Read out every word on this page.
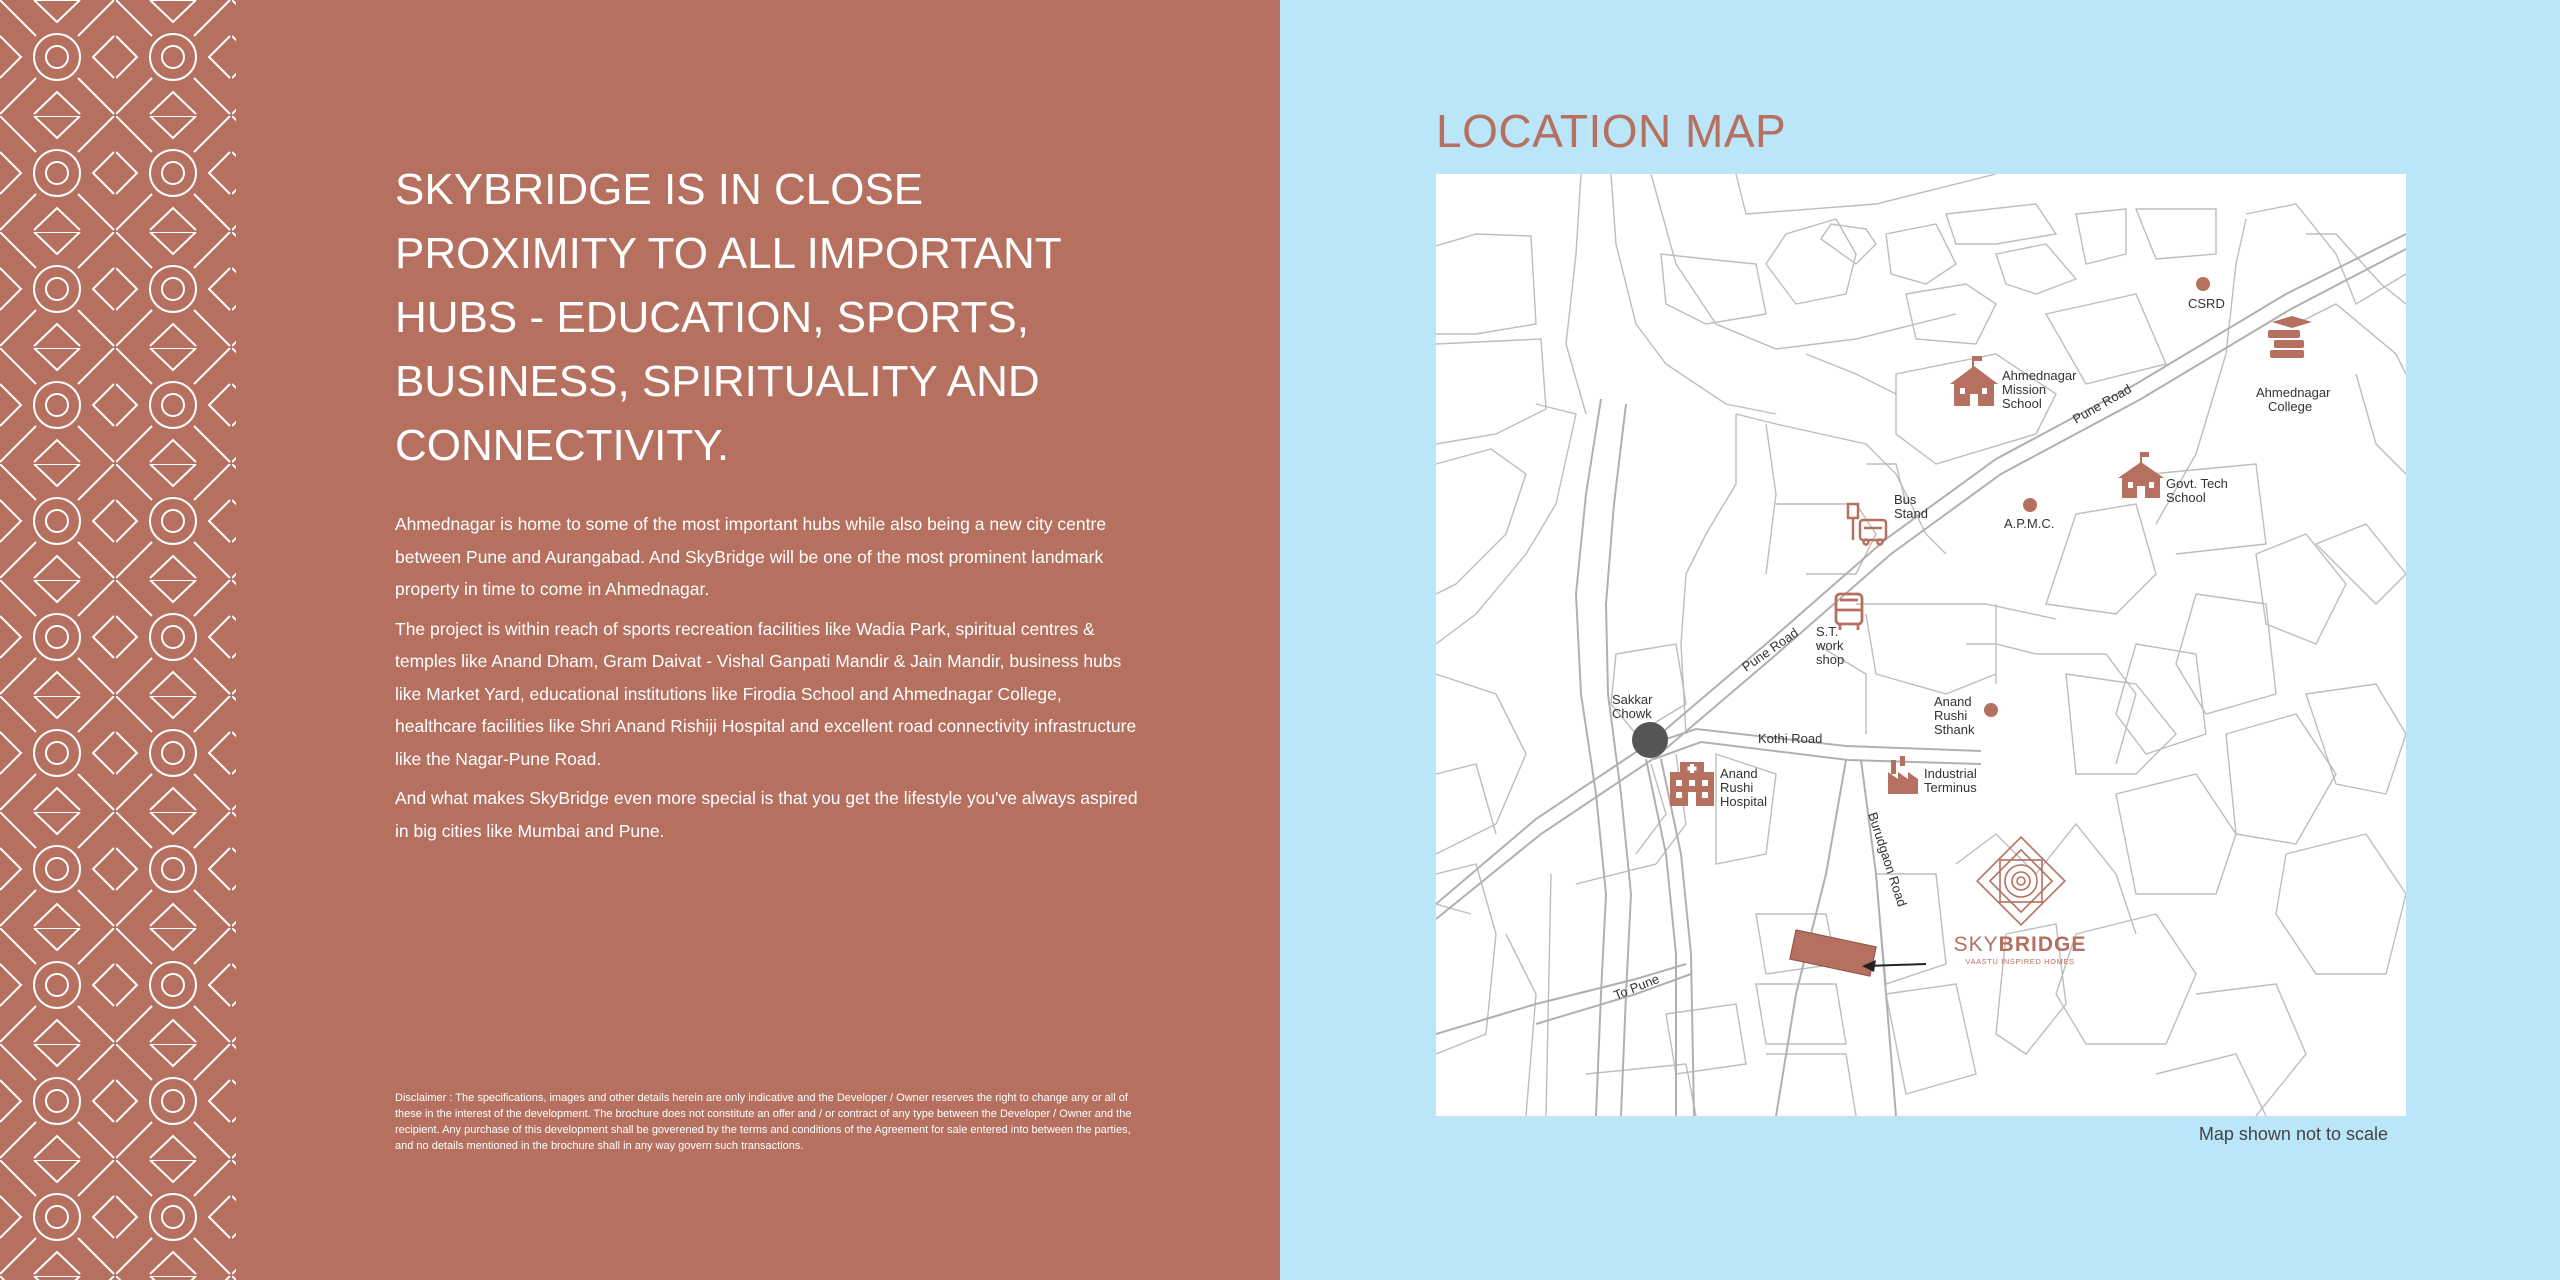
SKYBRIDGE IS IN CLOSE
PROXIMITY TO ALL IMPORTANT
HUBS - EDUCATION, SPORTS,
BUSINESS, SPIRITUALITY AND
CONNECTIVITY.

Ahmednagar is home to some of the most important hubs while also being a new city centre between Pune and Aurangabad. And SkyBridge will be one of the most prominent landmark property in time to come in Ahmednagar.

The project is within reach of sports recreation facilities like Wadia Park, spiritual centres & temples like Anand Dham, Gram Daivat - Vishal Ganpati Mandir & Jain Mandir, business hubs like Market Yard, educational institutions like Firodia School and Ahmednagar College, healthcare facilities like Shri Anand Rishiji Hospital and excellent road connectivity infrastructure like the Nagar-Pune Road.

And what makes SkyBridge even more special is that you get the lifestyle you've always aspired in big cities like Mumbai and Pune.

Disclaimer : The specifications, images and other details herein are only indicative and the Developer / Owner reserves the right to change any or all of these in the interest of the development. The brochure does not constitute an offer and / or contract of any type between the Developer / Owner and the recipient. Any purchase of this development shall be goverened by the terms and conditions of the Agreement for sale entered into between the parties, and no details mentioned in the brochure shall in any way govern such transactions.

LOCATION MAP
Pune Road
Pune Road
Kothi Road
Burudgaon Road
To Pune
CSRD
Ahmednagar College
Ahmednagar Mission School
Bus Stand
A.P.M.C.
Govt. Tech School
S.T. work shop
Sakkar Chowk
Anand Rushi Sthank
Anand Rushi Hospital
Industrial Terminus
SKYBRIDGE
VAASTU INSPIRED HOMES
Map shown not to scale
